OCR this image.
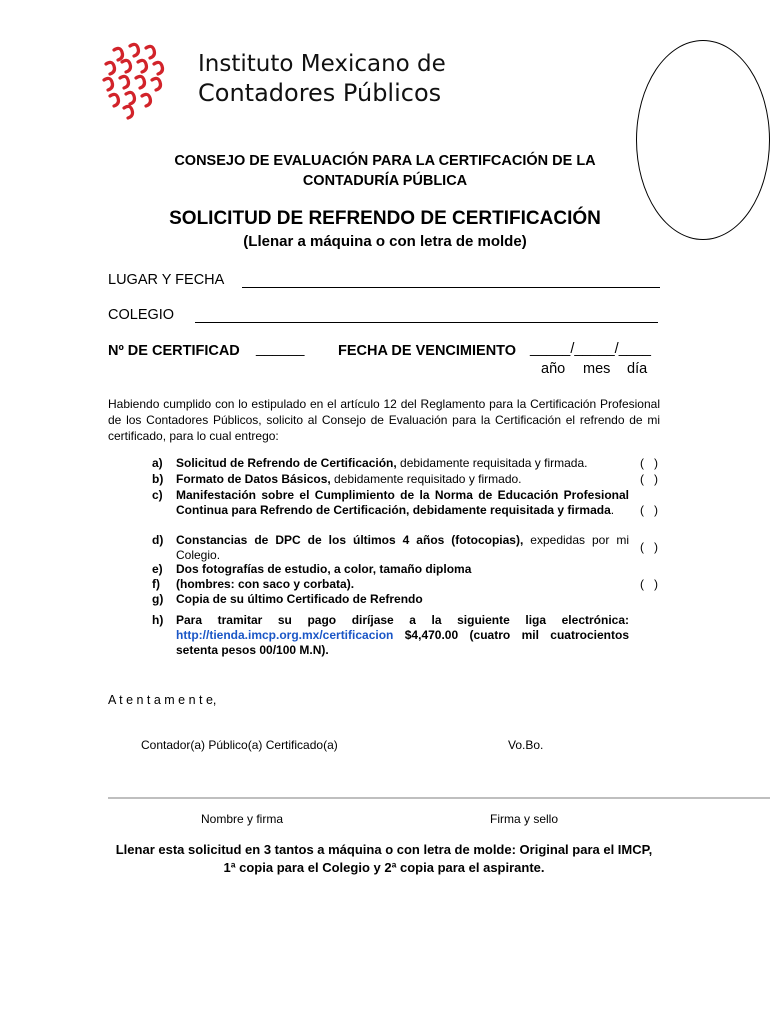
Instituto Mexicano de
Contadores Públicos
CONSEJO DE EVALUACIÓN PARA LA CERTIFCACIÓN DE LA
CONTADURÍA PÚBLICA
SOLICITUD DE REFRENDO DE CERTIFICACIÓN
(Llenar a máquina o con letra de molde)
LUGAR Y FECHA
COLEGIO
Nº DE CERTIFICAD ______ FECHA DE VENCIMIENTO _____/_____/____
año mes día
Habiendo cumplido con lo estipulado en el artículo 12 del Reglamento para la Certificación Profesional de los Contadores Públicos, solicito al Consejo de Evaluación para la Certificación el refrendo de mi certificado, para lo cual entrego:
a) Solicitud de Refrendo de Certificación, debidamente requisitada y firmada.
b) Formato de Datos Básicos, debidamente requisitado y firmado.
c) Manifestación sobre el Cumplimiento de la Norma de Educación Profesional Continua para Refrendo de Certificación, debidamente requisitada y firmada.
d) Constancias de DPC de los últimos 4 años (fotocopias), expedidas por mi Colegio.
e) Dos fotografías de estudio, a color, tamaño diploma
f) (hombres: con saco y corbata).
g) Copia de su último Certificado de Refrendo
h) Para tramitar su pago diríjase a la siguiente liga electrónica: http://tienda.imcp.org.mx/certificacion $4,470.00 (cuatro mil cuatrocientos setenta pesos 00/100 M.N).
(   )
(   )
(   )
(   )
(   )
A t e n t a m e n t e,
Contador(a) Público(a) Certificado(a)	Vo.Bo.
Nombre y firma	Firma y sello
Llenar esta solicitud en 3 tantos a máquina o con letra de molde: Original para el IMCP, 1ª copia para el Colegio y 2ª copia para el aspirante.
